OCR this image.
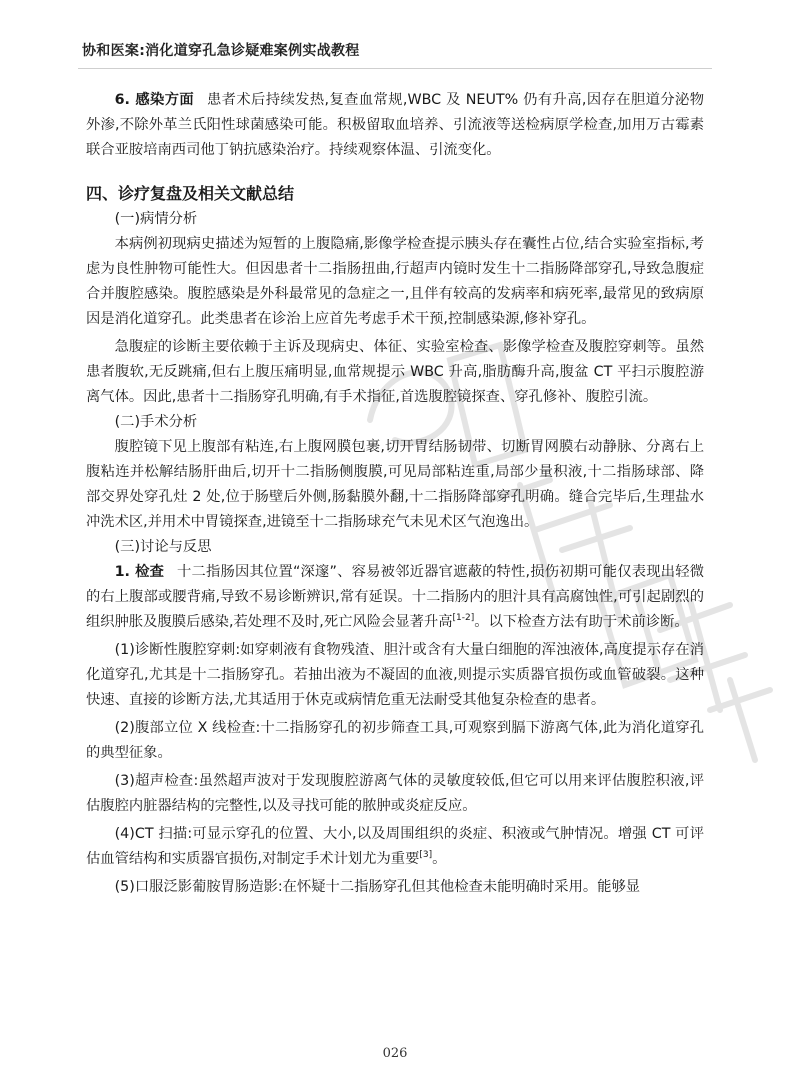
协和医案:消化道穿孔急诊疑难案例实战教程

6. 感染方面 患者术后持续发热,复查血常规,WBC 及 NEUT% 仍有升高,因存在胆道分泌物外渗,不除外革兰氏阳性球菌感染可能。积极留取血培养、引流液等送检病原学检查,加用万古霉素联合亚胺培南西司他丁钠抗感染治疗。持续观察体温、引流变化。

四、诊疗复盘及相关文献总结

(一)病情分析

本病例初现病史描述为短暂的上腹隐痛,影像学检查提示胰头存在囊性占位,结合实验室指标,考虑为良性肿物可能性大。但因患者十二指肠扭曲,行超声内镜时发生十二指肠降部穿孔,导致急腹症合并腹腔感染。腹腔感染是外科最常见的急症之一,且伴有较高的发病率和病死率,最常见的致病原因是消化道穿孔。此类患者在诊治上应首先考虑手术干预,控制感染源,修补穿孔。

急腹症的诊断主要依赖于主诉及现病史、体征、实验室检查、影像学检查及腹腔穿刺等。虽然患者腹软,无反跳痛,但右上腹压痛明显,血常规提示 WBC 升高,脂肪酶升高,腹盆 CT 平扫示腹腔游离气体。因此,患者十二指肠穿孔明确,有手术指征,首选腹腔镜探查、穿孔修补、腹腔引流。

(二)手术分析

腹腔镜下见上腹部有粘连,右上腹网膜包裹,切开胃结肠韧带、切断胃网膜右动静脉、分离右上腹粘连并松解结肠肝曲后,切开十二指肠侧腹膜,可见局部粘连重,局部少量积液,十二指肠球部、降部交界处穿孔灶 2 处,位于肠壁后外侧,肠黏膜外翻,十二指肠降部穿孔明确。缝合完毕后,生理盐水冲洗术区,并用术中胃镜探查,进镜至十二指肠球充气未见术区气泡逸出。

(三)讨论与反思

1. 检查 十二指肠因其位置“深邃”、容易被邻近器官遮蔽的特性,损伤初期可能仅表现出轻微的右上腹部或腰背痛,导致不易诊断辨识,常有延误。十二指肠内的胆汁具有高腐蚀性,可引起剧烈的组织肿胀及腹膜后感染,若处理不及时,死亡风险会显著升高[1-2]。以下检查方法有助于术前诊断。

(1)诊断性腹腔穿刺:如穿刺液有食物残渣、胆汁或含有大量白细胞的浑浊液体,高度提示存在消化道穿孔,尤其是十二指肠穿孔。若抽出液为不凝固的血液,则提示实质器官损伤或血管破裂。这种快速、直接的诊断方法,尤其适用于休克或病情危重无法耐受其他复杂检查的患者。

(2)腹部立位 X 线检查:十二指肠穿孔的初步筛查工具,可观察到膈下游离气体,此为消化道穿孔的典型征象。

(3)超声检查:虽然超声波对于发现腹腔游离气体的灵敏度较低,但它可以用来评估腹腔积液,评估腹腔内脏器结构的完整性,以及寻找可能的脓肿或炎症反应。

(4)CT 扫描:可显示穿孔的位置、大小,以及周围组织的炎症、积液或气肿情况。增强 CT 可评估血管结构和实质器官损伤,对制定手术计划尤为重要[3]。

(5)口服泛影葡胺胃肠造影:在怀疑十二指肠穿孔但其他检查未能明确时采用。能够显

026
